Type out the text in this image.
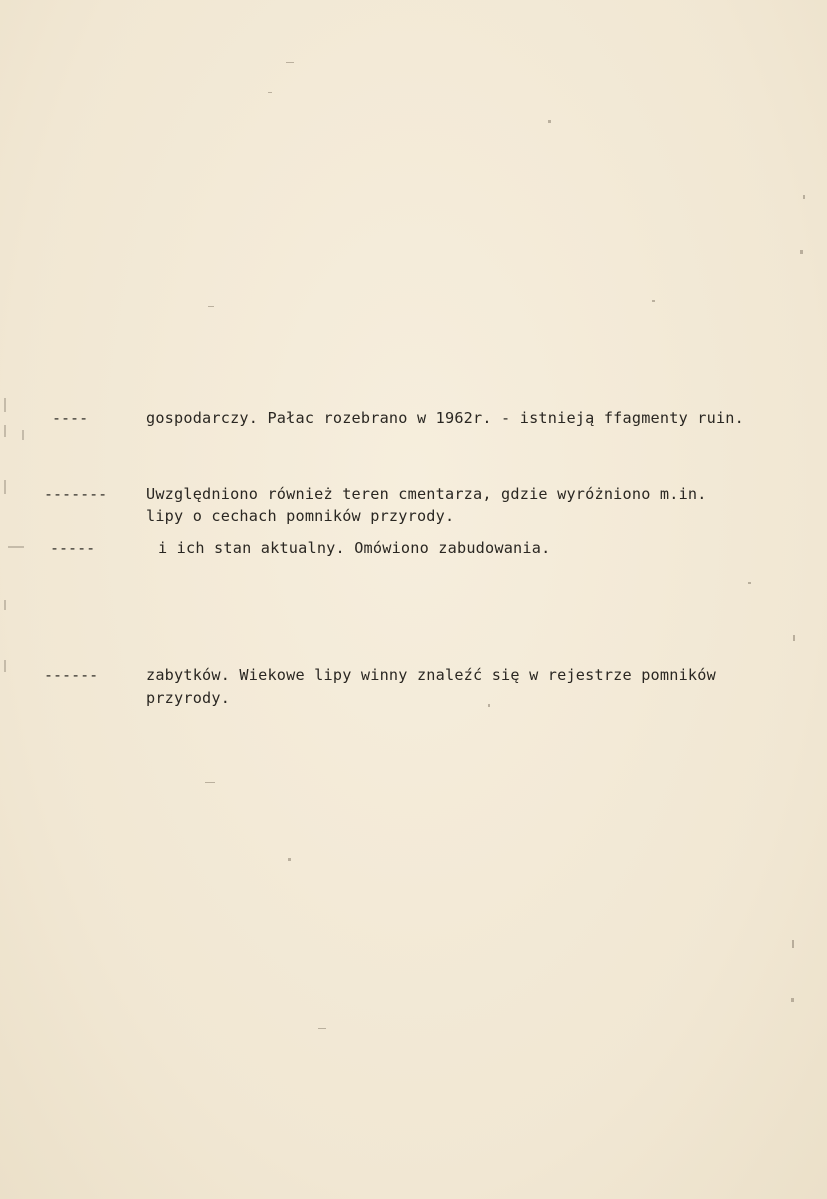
----	gospodarczy. Pałac rozebrano w 1962r. - istnieją ffagmenty ruin.
-------	Uwzględniono również teren cmentarza, gdzie wyróżniono m.in.
lipy o cechach pomników przyrody.
-----	i ich stan aktualny. Omówiono zabudowania.
------	zabytków. Wiekowe lipy winny znaleźć się w rejestrze pomników
przyrody.
